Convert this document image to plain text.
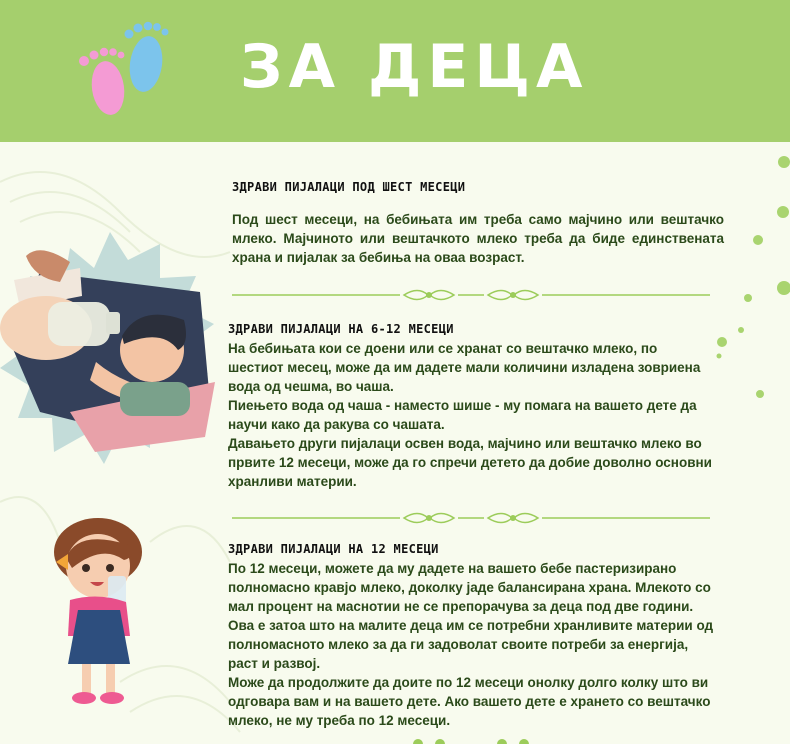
ЗА ДЕЦА
ЗДРАВИ ПИЈАЛАЦИ ПОД ШЕСТ МЕСЕЦИ

Под шест месеци, на бебињата им треба само мајчино или вештачко млеко. Мајчиното или вештачкото млеко треба да биде единствената храна и пијалак за бебиња на оваа возраст.

ЗДРАВИ ПИЈАЛАЦИ НА 6-12 МЕСЕЦИ

На бебињата кои се доени или се хранат со вештачко млеко, по шестиот месец, може да им дадете мали количини изладена зовриена вода од чешма, во чаша.

Пиењето вода од чаша - наместо шише - му помага на вашето дете да научи како да ракува со чашата.

Давањето други пијалаци освен вода, мајчино или вештачко млеко во првите 12 месеци, може да го спречи детето да добие доволно основни хранливи материи.

ЗДРАВИ ПИЈАЛАЦИ НА 12 МЕСЕЦИ

По 12 месеци, можете да му дадете на вашето бебе пастеризирано полномасно кравјо млеко, доколку јаде балансирана храна. Млекото со мал процент на маснотии не се препорачува за деца под две години. Ова е затоа што на малите деца им се потребни хранливите материи од полномасното млеко за да ги задоволат своите потреби за енергија, раст и развој.

Може да продолжите да доите по 12 месеци онолку долго колку што ви одговара вам и на вашето дете. Ако вашето дете е хрането со вештачко млеко, не му треба по 12 месеци.
